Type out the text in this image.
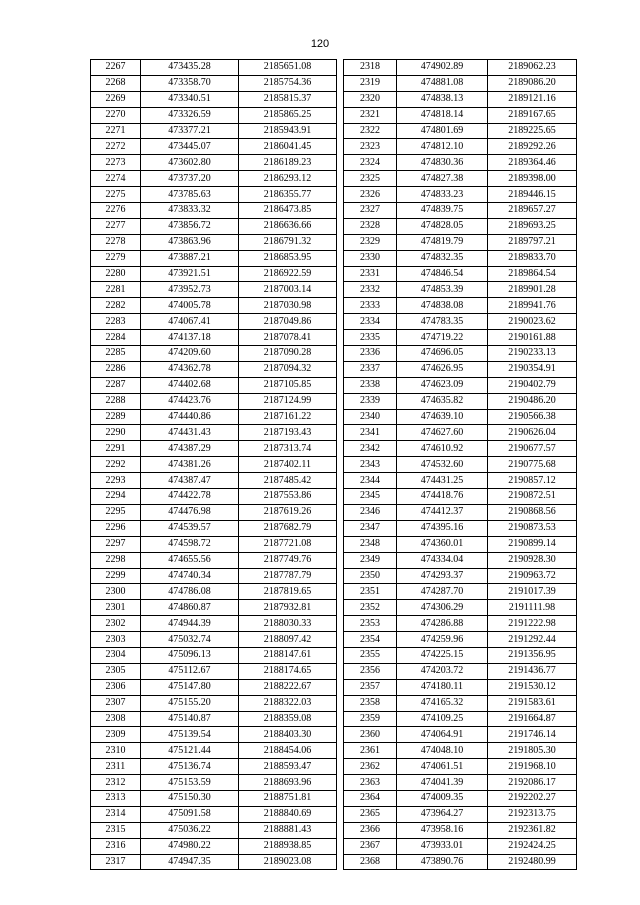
120
2267	473435.28	2185651.08
2268	473358.70	2185754.36
2269	473340.51	2185815.37
2270	473326.59	2185865.25
2271	473377.21	2185943.91
2272	473445.07	2186041.45
2273	473602.80	2186189.23
2274	473737.20	2186293.12
2275	473785.63	2186355.77
2276	473833.32	2186473.85
2277	473856.72	2186636.66
2278	473863.96	2186791.32
2279	473887.21	2186853.95
2280	473921.51	2186922.59
2281	473952.73	2187003.14
2282	474005.78	2187030.98
2283	474067.41	2187049.86
2284	474137.18	2187078.41
2285	474209.60	2187090.28
2286	474362.78	2187094.32
2287	474402.68	2187105.85
2288	474423.76	2187124.99
2289	474440.86	2187161.22
2290	474431.43	2187193.43
2291	474387.29	2187313.74
2292	474381.26	2187402.11
2293	474387.47	2187485.42
2294	474422.78	2187553.86
2295	474476.98	2187619.26
2296	474539.57	2187682.79
2297	474598.72	2187721.08
2298	474655.56	2187749.76
2299	474740.34	2187787.79
2300	474786.08	2187819.65
2301	474860.87	2187932.81
2302	474944.39	2188030.33
2303	475032.74	2188097.42
2304	475096.13	2188147.61
2305	475112.67	2188174.65
2306	475147.80	2188222.67
2307	475155.20	2188322.03
2308	475140.87	2188359.08
2309	475139.54	2188403.30
2310	475121.44	2188454.06
2311	475136.74	2188593.47
2312	475153.59	2188693.96
2313	475150.30	2188751.81
2314	475091.58	2188840.69
2315	475036.22	2188881.43
2316	474980.22	2188938.85
2317	474947.35	2189023.08
2318	474902.89	2189062.23
2319	474881.08	2189086.20
2320	474838.13	2189121.16
2321	474818.14	2189167.65
2322	474801.69	2189225.65
2323	474812.10	2189292.26
2324	474830.36	2189364.46
2325	474827.38	2189398.00
2326	474833.23	2189446.15
2327	474839.75	2189657.27
2328	474828.05	2189693.25
2329	474819.79	2189797.21
2330	474832.35	2189833.70
2331	474846.54	2189864.54
2332	474853.39	2189901.28
2333	474838.08	2189941.76
2334	474783.35	2190023.62
2335	474719.22	2190161.88
2336	474696.05	2190233.13
2337	474626.95	2190354.91
2338	474623.09	2190402.79
2339	474635.82	2190486.20
2340	474639.10	2190566.38
2341	474627.60	2190626.04
2342	474610.92	2190677.57
2343	474532.60	2190775.68
2344	474431.25	2190857.12
2345	474418.76	2190872.51
2346	474412.37	2190868.56
2347	474395.16	2190873.53
2348	474360.01	2190899.14
2349	474334.04	2190928.30
2350	474293.37	2190963.72
2351	474287.70	2191017.39
2352	474306.29	2191111.98
2353	474286.88	2191222.98
2354	474259.96	2191292.44
2355	474225.15	2191356.95
2356	474203.72	2191436.77
2357	474180.11	2191530.12
2358	474165.32	2191583.61
2359	474109.25	2191664.87
2360	474064.91	2191746.14
2361	474048.10	2191805.30
2362	474061.51	2191968.10
2363	474041.39	2192086.17
2364	474009.35	2192202.27
2365	473964.27	2192313.75
2366	473958.16	2192361.82
2367	473933.01	2192424.25
2368	473890.76	2192480.99
